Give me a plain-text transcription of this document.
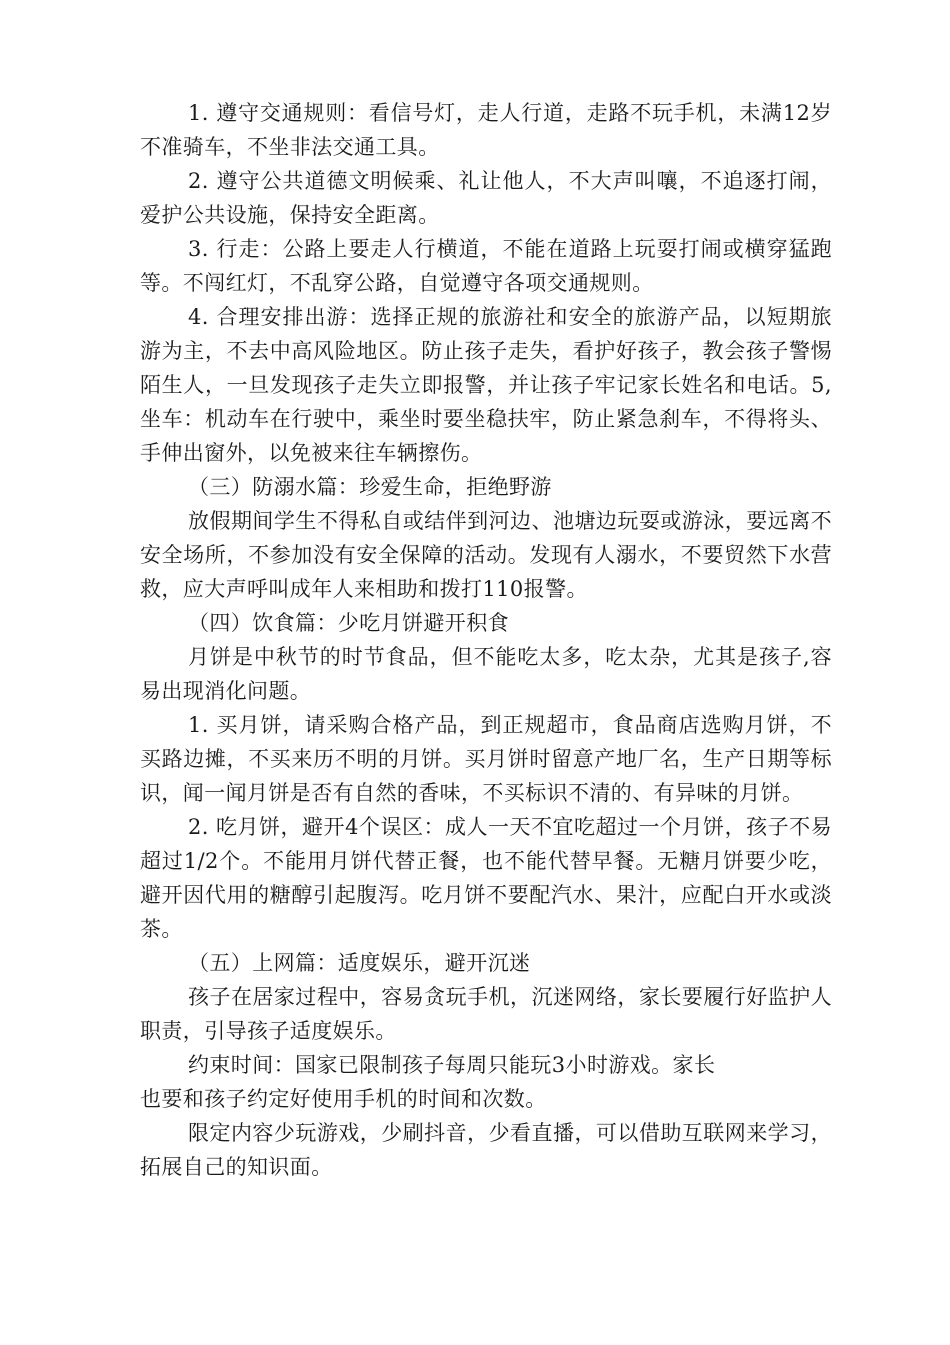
1. 遵守交通规则：看信号灯，走人行道，走路不玩手机，未满12岁不准骑车，不坐非法交通工具。

2. 遵守公共道德文明候乘、礼让他人，不大声叫嚷，不追逐打闹，爱护公共设施，保持安全距离。

3. 行走：公路上要走人行横道，不能在道路上玩耍打闹或横穿猛跑等。不闯红灯，不乱穿公路，自觉遵守各项交通规则。

4. 合理安排出游：选择正规的旅游社和安全的旅游产品，以短期旅游为主，不去中高风险地区。防止孩子走失，看护好孩子，教会孩子警惕陌生人，一旦发现孩子走失立即报警，并让孩子牢记家长姓名和电话。5,坐车：机动车在行驶中，乘坐时要坐稳扶牢，防止紧急刹车，不得将头、手伸出窗外，以免被来往车辆擦伤。

（三）防溺水篇：珍爱生命，拒绝野游

放假期间学生不得私自或结伴到河边、池塘边玩耍或游泳，要远离不安全场所，不参加没有安全保障的活动。发现有人溺水，不要贸然下水营救，应大声呼叫成年人来相助和拨打110报警。

（四）饮食篇：少吃月饼避开积食

月饼是中秋节的时节食品，但不能吃太多，吃太杂，尤其是孩子,容易出现消化问题。

1. 买月饼，请采购合格产品，到正规超市，食品商店选购月饼，不买路边摊，不买来历不明的月饼。买月饼时留意产地厂名，生产日期等标识，闻一闻月饼是否有自然的香味，不买标识不清的、有异味的月饼。

2. 吃月饼，避开4个误区：成人一天不宜吃超过一个月饼，孩子不易超过1/2个。不能用月饼代替正餐，也不能代替早餐。无糖月饼要少吃，避开因代用的糖醇引起腹泻。吃月饼不要配汽水、果汁，应配白开水或淡茶。

（五）上网篇：适度娱乐，避开沉迷

孩子在居家过程中，容易贪玩手机，沉迷网络，家长要履行好监护人职责，引导孩子适度娱乐。

约束时间：国家已限制孩子每周只能玩3小时游戏。家长
也要和孩子约定好使用手机的时间和次数。

限定内容少玩游戏，少刷抖音，少看直播，可以借助互联网来学习，拓展自己的知识面。
